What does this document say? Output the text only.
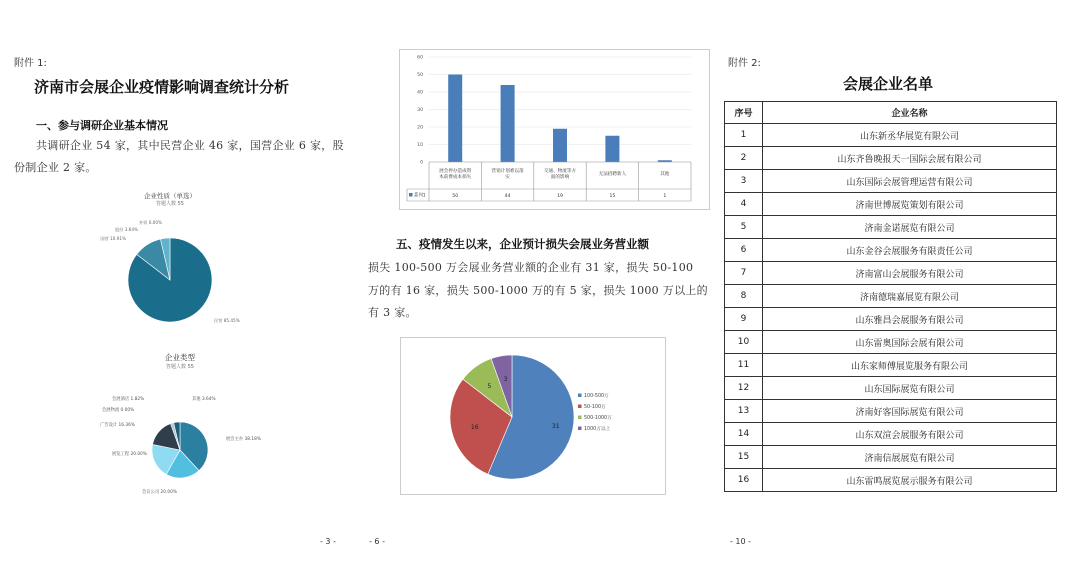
附件 1:
济南市会展企业疫情影响调查统计分析
一、参与调研企业基本情况
共调研企业 54 家，其中民营企业 46 家，国营企业 6 家，股
份制企业 2 家。
企业性质（单选）
答题人数 55
民营 85.45%
国营 10.91%
股份 3.64%
外资 0.00%
企业类型
答题人数 55
展会主办 38.18%
会议公司 20.00%
展览工程 20.00%
广告设计 16.36%
会展物流 0.00%
会展酒店 1.82%	其他 3.64%
- 3 -
0
10
20
30
40
50
60
系列1
展会停办造成资
本前费成本损失
50
营销计划难以落
实
44
交通、物流等方
面的影响
19
无法招聘新人
15
其他
1
五、疫情发生以来，企业预计损失会展业务营业额
损失 100-500 万会展业务营业额的企业有 31 家，损失 50-100
万的有 16 家，损失 500-1000 万的有 5 家，损失 1000 万以上的
有 3 家。
31
16
5
3
100-500万
50-100万
500-1000万
1000万以上
- 6 -
附件 2:
会展企业名单
序号	企业名称
1	山东新丞华展览有限公司
2	山东齐鲁晚报天一国际会展有限公司
3	山东国际会展管理运营有限公司
4	济南世博展览策划有限公司
5	济南金诺展览有限公司
6	山东金谷会展服务有限责任公司
7	济南富山会展服务有限公司
8	济南德瑞嘉展览有限公司
9	山东雅昌会展服务有限公司
10	山东雷奥国际会展有限公司
11	山东家师傅展览服务有限公司
12	山东国际展览有限公司
13	济南好客国际展览有限公司
14	山东双渲会展服务有限公司
15	济南信展展览有限公司
16	山东雷鸣展览展示服务有限公司
- 10 -
